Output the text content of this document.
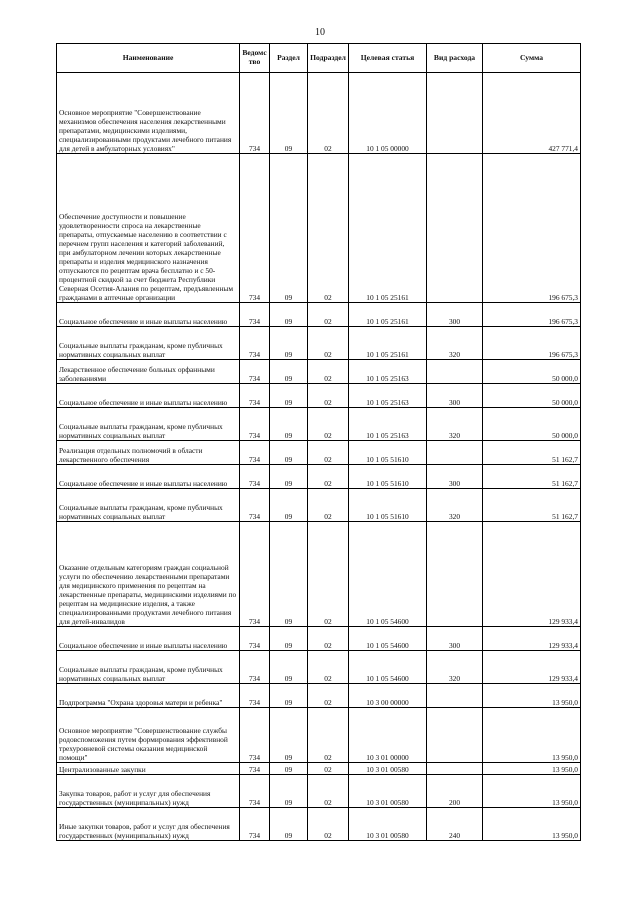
10
Наименование	Ведомс тво	Раздел	Подраздел	Целевая статья	Вид расхода	Сумма
Основное мероприятие "Совершенствование механизмов обеспечения населения лекарственными препаратами, медицинскими изделиями, специализированными продуктами лечебного питания для детей в амбулаторных условиях"	734	09	02	10 1 05 00000		427 771,4
Обеспечение доступности и повышение удовлетворенности спроса на лекарственные препараты, отпускаемые населению в соответствии с перечнем групп населения и категорий заболеваний, при амбулаторном лечении которых лекарственные препараты и изделия медицинского назначения отпускаются по рецептам врача бесплатно и с 50-процентной скидкой за счет бюджета Республики Северная Осетия-Алания по рецептам, предъявленным гражданами в аптечные организации	734	09	02	10 1 05 25161		196 675,3
Социальное обеспечение и иные выплаты населению	734	09	02	10 1 05 25161	300	196 675,3
Социальные выплаты гражданам, кроме публичных нормативных социальных выплат	734	09	02	10 1 05 25161	320	196 675,3
Лекарственное обеспечение больных орфанными заболеваниями	734	09	02	10 1 05 25163		50 000,0
Социальное обеспечение и иные выплаты населению	734	09	02	10 1 05 25163	300	50 000,0
Социальные выплаты гражданам, кроме публичных нормативных социальных выплат	734	09	02	10 1 05 25163	320	50 000,0
Реализация отдельных полномочий в области лекарственного обеспечения	734	09	02	10 1 05 51610		51 162,7
Социальное обеспечение и иные выплаты населению	734	09	02	10 1 05 51610	300	51 162,7
Социальные выплаты гражданам, кроме публичных нормативных социальных выплат	734	09	02	10 1 05 51610	320	51 162,7
Оказание отдельным категориям граждан социальной услуги по обеспечению лекарственными препаратами для медицинского применения по рецептам на лекарственные препараты, медицинскими изделиями по рецептам на медицинские изделия, а также специализированными продуктами лечебного питания для детей-инвалидов	734	09	02	10 1 05 54600		129 933,4
Социальное обеспечение и иные выплаты населению	734	09	02	10 1 05 54600	300	129 933,4
Социальные выплаты гражданам, кроме публичных нормативных социальных выплат	734	09	02	10 1 05 54600	320	129 933,4
Подпрограмма "Охрана здоровья матери и ребенка"	734	09	02	10 3 00 00000		13 950,0
Основное мероприятие "Совершенствование службы родовспоможения путем формирования эффективной трехуровневой системы оказания медицинской помощи"	734	09	02	10 3 01 00000		13 950,0
Централизованные закупки	734	09	02	10 3 01 00580		13 950,0
Закупка товаров, работ и услуг для обеспечения государственных (муниципальных) нужд	734	09	02	10 3 01 00580	200	13 950,0
Иные закупки товаров, работ и услуг для обеспечения государственных (муниципальных) нужд	734	09	02	10 3 01 00580	240	13 950,0
